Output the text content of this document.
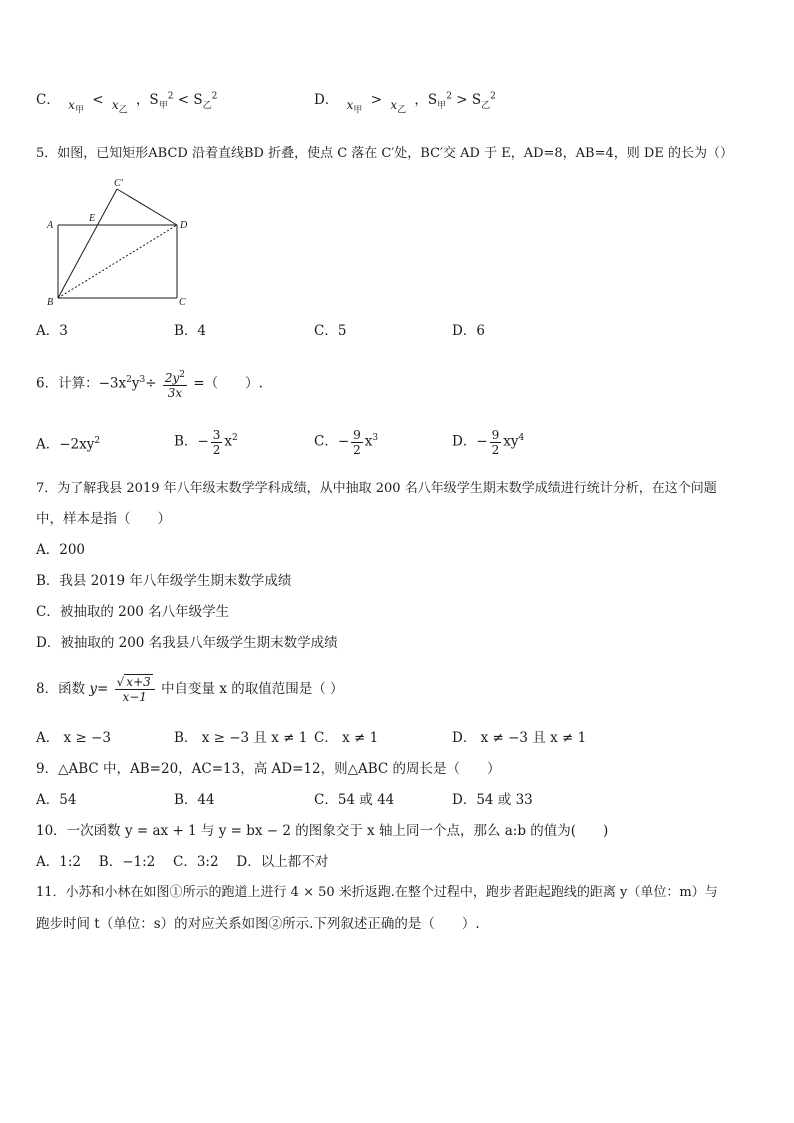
C．
$x_甲$
<
$x_乙$
，$S_甲^2 < S_乙^2$	D．
$x_甲$
>
$x_乙$
，$S_甲^2 > S_乙^2$
5．如图，已知矩形ABCD 沿着直线BD 折叠，使点 C 落在 C′处，BC′交 AD 于 E，AD=8，AB=4，则 DE 的长为（）
A
B	C
D
E
C′
A．3	B．4	C．5	D．6
6．计算：$-3x^2y^3\div \frac{2y^2}{3x}$ =（　　）.
A．$-2xy^2$	B．− $\frac{3}{2} x^2$	C．− $\frac{9}{2} x^3$	D．− $\frac{9}{2} xy^4$
7．为了解我县 2019 年八年级末数学学科成绩，从中抽取 200 名八年级学生期末数学成绩进行统计分析，在这个问题
中，样本是指（　　）
A．200
B．我县 2019 年八年级学生期末数学成绩
C．被抽取的 200 名八年级学生
D．被抽取的 200 名我县八年级学生期末数学成绩
8．函数 $y= \frac{√ x+3}{x-1}$ 中自变量 x 的取值范围是（ ）
A． x ≥ −3	B． x ≥ −3 且 x ≠ 1 C． x ≠ 1	D． x ≠ −3 且 x ≠ 1
9．△ABC 中，AB=20，AC=13，高 AD=12，则△ABC 的周长是（　　）
A．54	B．44	C．54 或 44	D．54 或 33
10．一次函数 y = ax + 1 与 y = bx − 2 的图象交于 x 轴上同一个点，那么 a:b 的值为(　　)
A．1:2　 B．−1:2　 C．3:2　 D．以上都不对
11．小苏和小林在如图①所示的跑道上进行 4 × 50 米折返跑.在整个过程中，跑步者距起跑线的距离 y（单位：m）与
跑步时间 t（单位：s）的对应关系如图②所示.下列叙述正确的是（　　）.
